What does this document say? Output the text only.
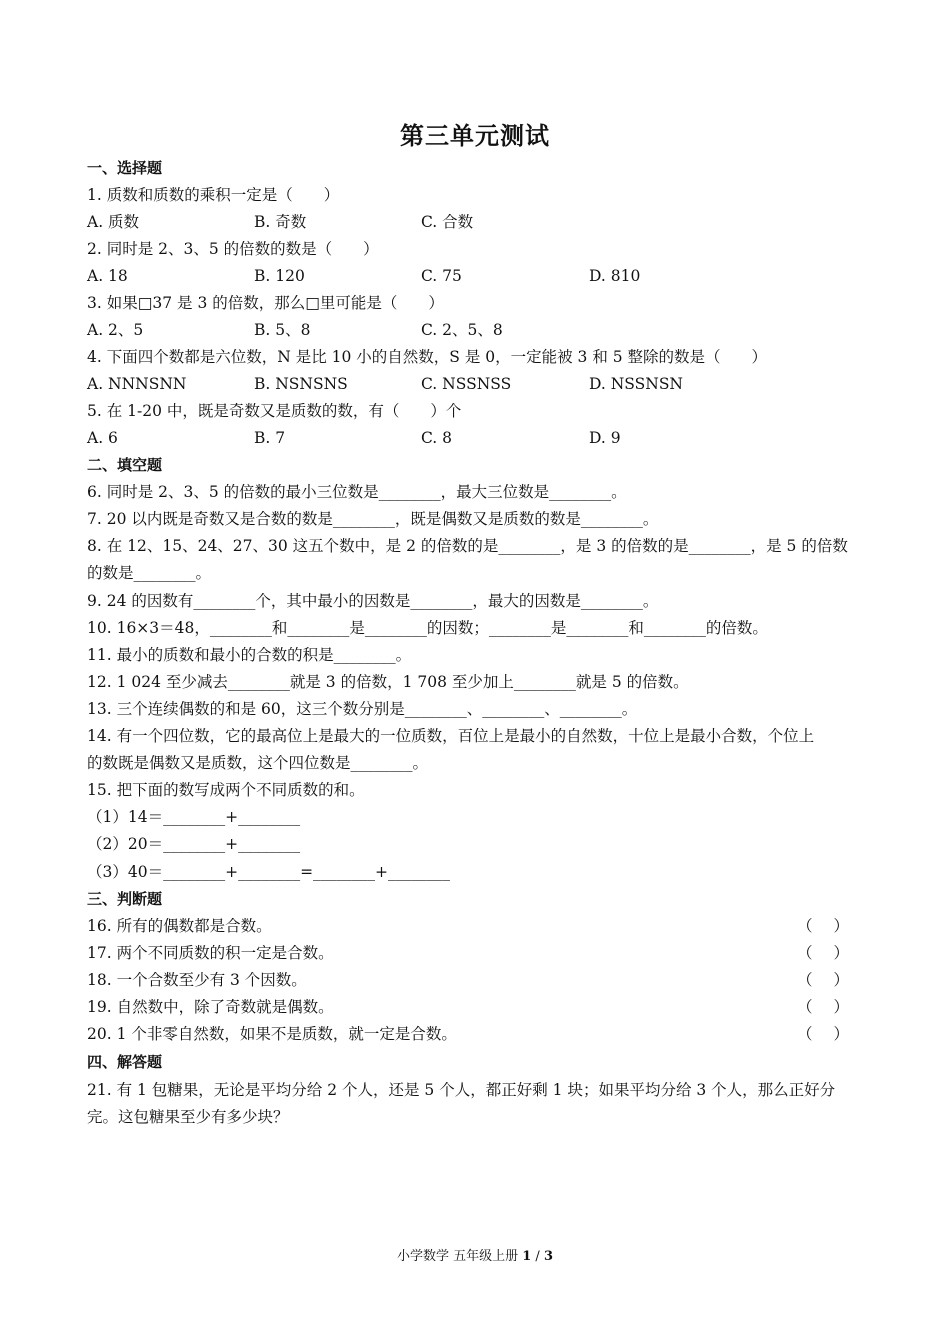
第三单元测试
一、选择题
1. 质数和质数的乘积一定是（　　）
A. 质数	B. 奇数	C. 合数
2. 同时是 2、3、5 的倍数的数是（　　）
A. 18	B. 120	C. 75	D. 810
3. 如果□37 是 3 的倍数，那么□里可能是（　　）
A. 2、5	B. 5、8	C. 2、5、8
4. 下面四个数都是六位数，N 是比 10 小的自然数，S 是 0，一定能被 3 和 5 整除的数是（　　）
A. NNNSNN	B. NSNSNS	C. NSSNSS	D. NSSNSN
5. 在 1-20 中，既是奇数又是质数的数，有（　　）个
A. 6	B. 7	C. 8	D. 9
二、填空题
6. 同时是 2、3、5 的倍数的最小三位数是________，最大三位数是________。
7. 20 以内既是奇数又是合数的数是________，既是偶数又是质数的数是________。
8. 在 12、15、24、27、30 这五个数中，是 2 的倍数的是________，是 3 的倍数的是________，是 5 的倍数
的数是________。
9. 24 的因数有________个，其中最小的因数是________，最大的因数是________。
10. 16×3＝48，________和________是________的因数；________是________和________的倍数。
11. 最小的质数和最小的合数的积是________。
12. 1 024 至少减去________就是 3 的倍数，1 708 至少加上________就是 5 的倍数。
13. 三个连续偶数的和是 60，这三个数分别是________、________、________。
14. 有一个四位数，它的最高位上是最大的一位质数，百位上是最小的自然数，十位上是最小合数，个位上
的数既是偶数又是质数，这个四位数是________。
15. 把下面的数写成两个不同质数的和。
（1）14＝________+________
（2）20＝________+________
（3）40＝________+________=________+________
三、判断题
16. 所有的偶数都是合数。	（ ）
17. 两个不同质数的积一定是合数。	（ ）
18. 一个合数至少有 3 个因数。	（ ）
19. 自然数中，除了奇数就是偶数。	（ ）
20. 1 个非零自然数，如果不是质数，就一定是合数。	（ ）
四、解答题
21. 有 1 包糖果，无论是平均分给 2 个人，还是 5 个人，都正好剩 1 块；如果平均分给 3 个人，那么正好分
完。这包糖果至少有多少块？
小学数学 五年级上册 1 / 3
